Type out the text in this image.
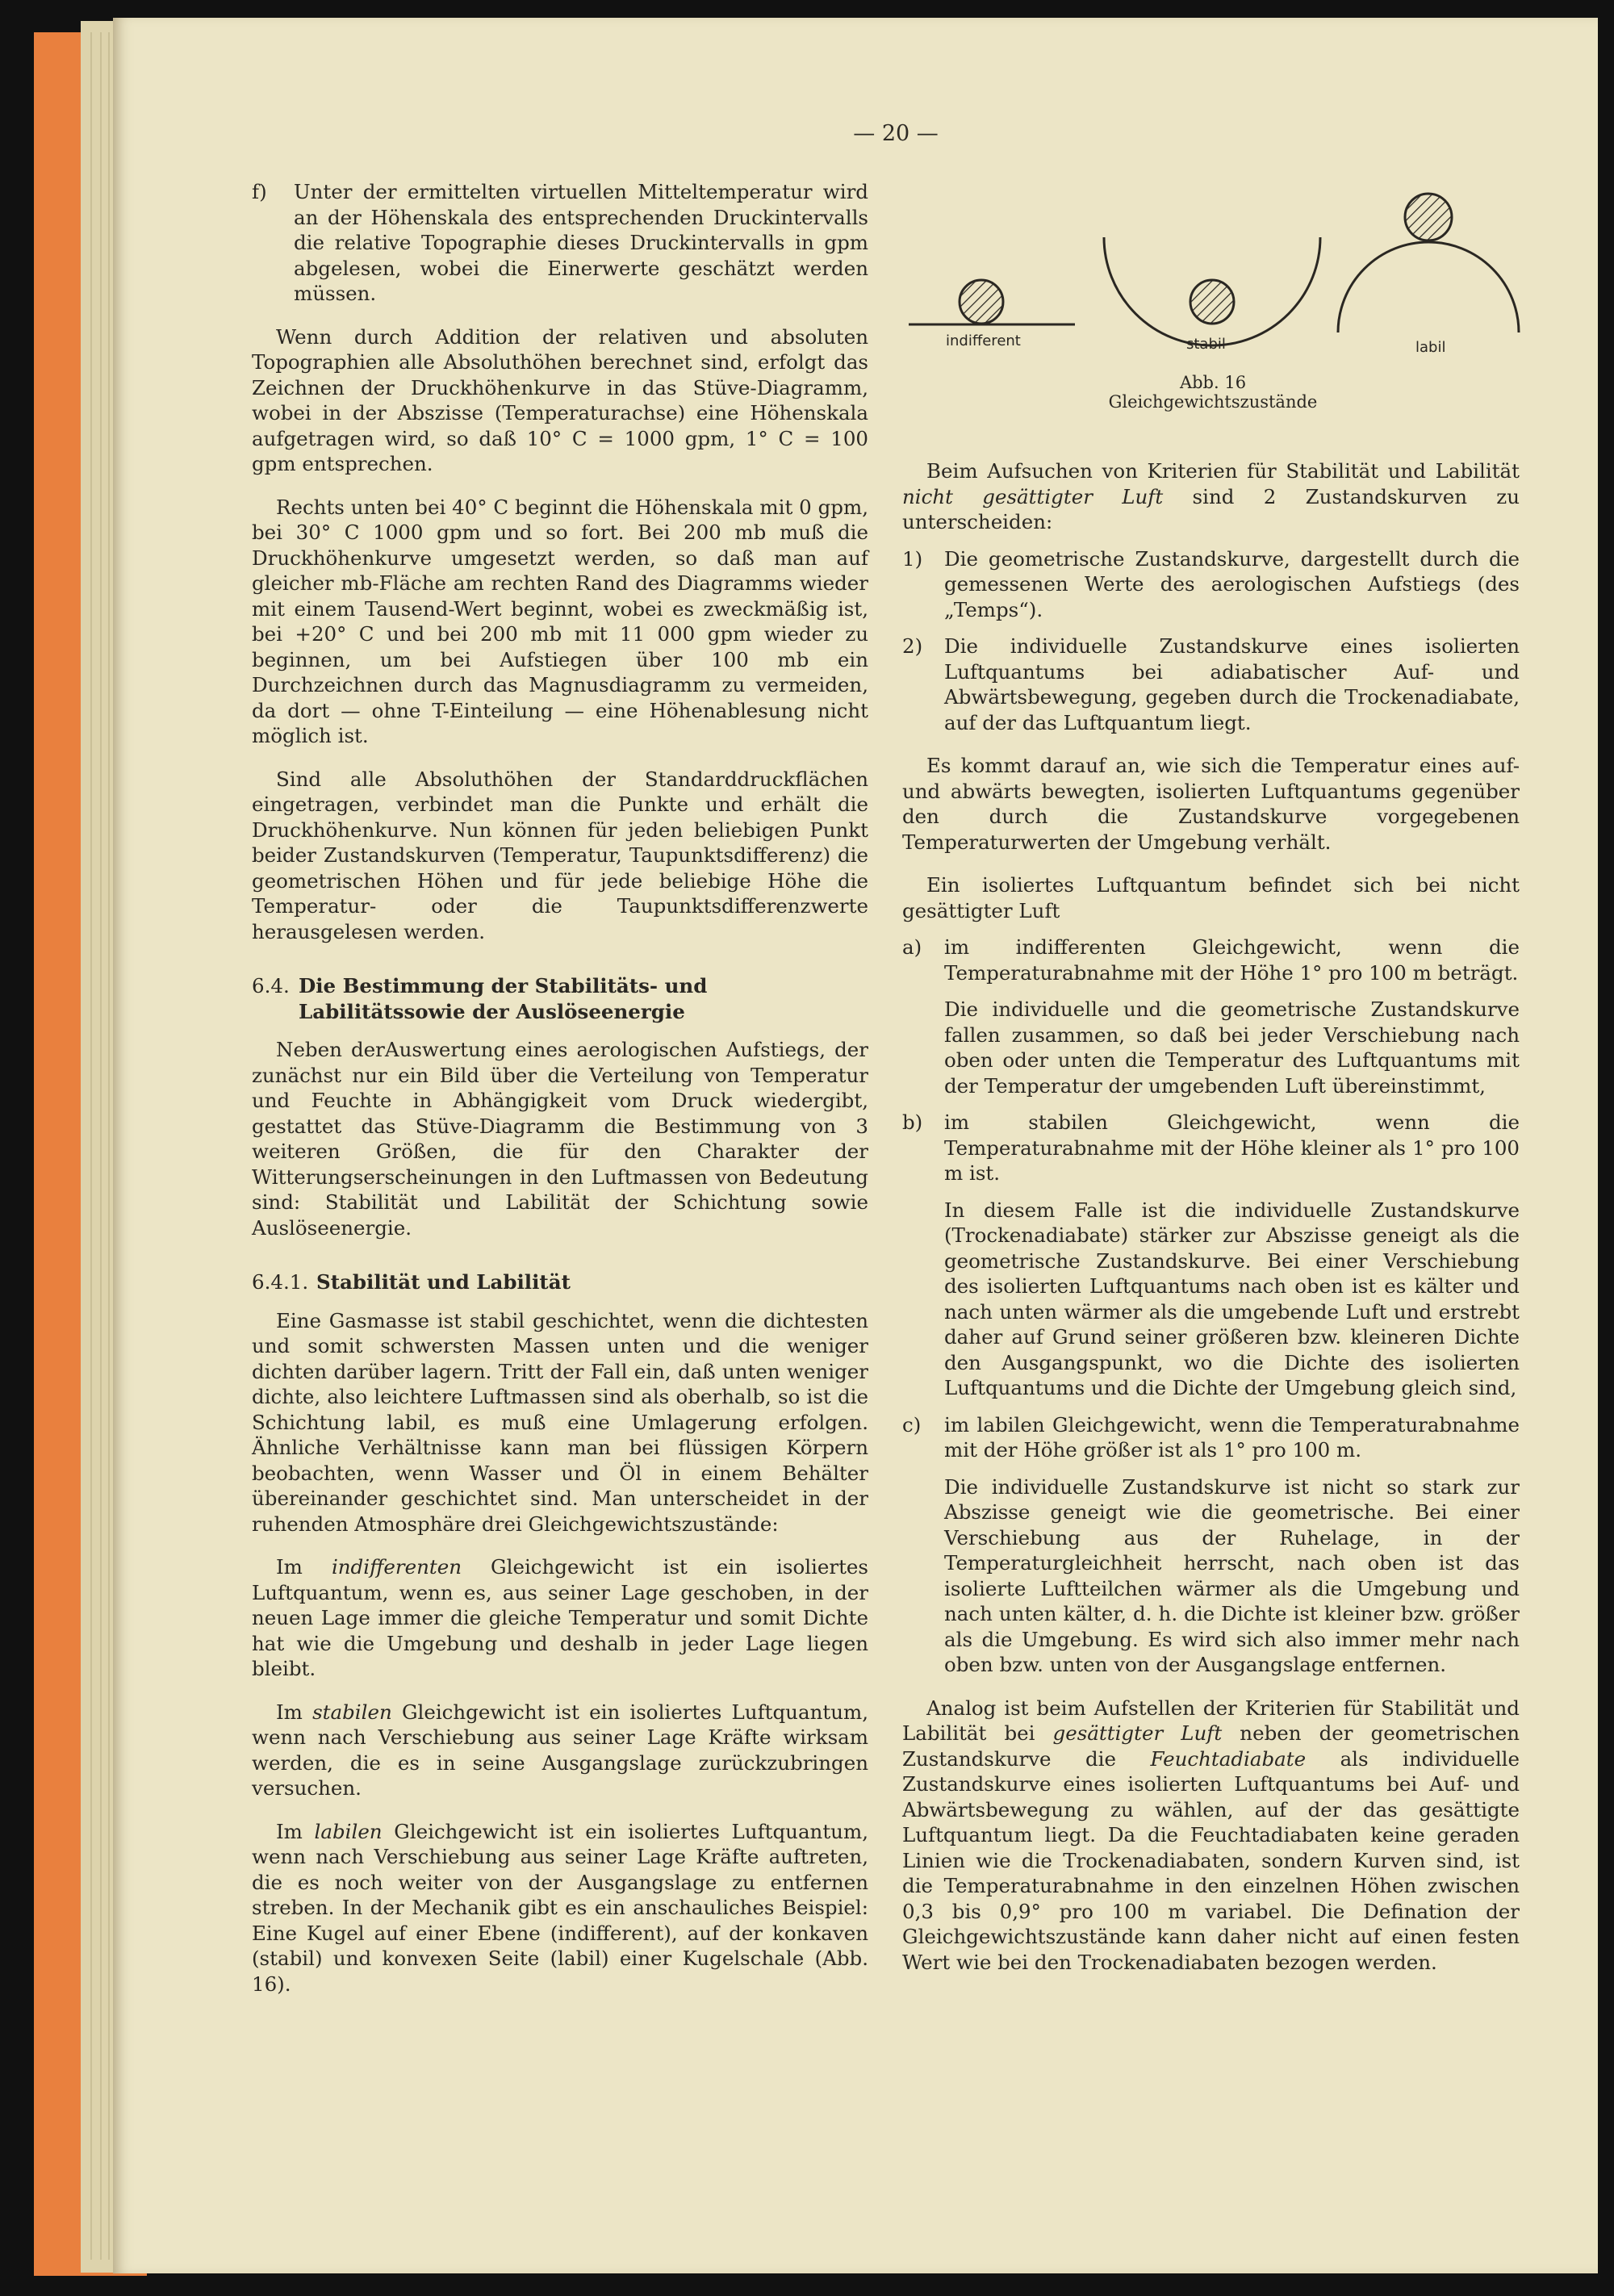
— 20 —
f) Unter der ermittelten virtuellen Mitteltemperatur wird an der Höhenskala des entsprechenden Druckintervalls die relative Topographie dieses Druckintervalls in gpm abgelesen, wobei die Einerwerte geschätzt werden müssen.

Wenn durch Addition der relativen und absoluten Topographien alle Absoluthöhen berechnet sind, erfolgt das Zeichnen der Druckhöhenkurve in das Stüve-Diagramm, wobei in der Abszisse (Temperaturachse) eine Höhenskala aufgetragen wird, so daß 10° C = 1000 gpm, 1° C = 100 gpm entsprechen.

Rechts unten bei 40° C beginnt die Höhenskala mit 0 gpm, bei 30° C 1000 gpm und so fort. Bei 200 mb muß die Druckhöhenkurve umgesetzt werden, so daß man auf gleicher mb-Fläche am rechten Rand des Diagramms wieder mit einem Tausend-Wert beginnt, wobei es zweckmäßig ist, bei +20° C und bei 200 mb mit 11 000 gpm wieder zu beginnen, um bei Aufstiegen über 100 mb ein Durchzeichnen durch das Magnusdiagramm zu vermeiden, da dort — ohne T-Einteilung — eine Höhenablesung nicht möglich ist.

Sind alle Absoluthöhen der Standarddruckflächen eingetragen, verbindet man die Punkte und erhält die Druckhöhenkurve. Nun können für jeden beliebigen Punkt beider Zustandskurven (Temperatur, Taupunktsdifferenz) die geometrischen Höhen und für jede beliebige Höhe die Temperatur- oder die Taupunktsdifferenzwerte herausgelesen werden.

6.4. Die Bestimmung der Stabilitäts- und Labilitätssowie der Auslöseenergie

Neben derAuswertung eines aerologischen Aufstiegs, der zunächst nur ein Bild über die Verteilung von Temperatur und Feuchte in Abhängigkeit vom Druck wiedergibt, gestattet das Stüve-Diagramm die Bestimmung von 3 weiteren Größen, die für den Charakter der Witterungserscheinungen in den Luftmassen von Bedeutung sind: Stabilität und Labilität der Schichtung sowie Auslöseenergie.

6.4.1. Stabilität und Labilität

Eine Gasmasse ist stabil geschichtet, wenn die dichtesten und somit schwersten Massen unten und die weniger dichten darüber lagern. Tritt der Fall ein, daß unten weniger dichte, also leichtere Luftmassen sind als oberhalb, so ist die Schichtung labil, es muß eine Umlagerung erfolgen. Ähnliche Verhältnisse kann man bei flüssigen Körpern beobachten, wenn Wasser und Öl in einem Behälter übereinander geschichtet sind. Man unterscheidet in der ruhenden Atmosphäre drei Gleichgewichtszustände:

Im indifferenten Gleichgewicht ist ein isoliertes Luftquantum, wenn es, aus seiner Lage geschoben, in der neuen Lage immer die gleiche Temperatur und somit Dichte hat wie die Umgebung und deshalb in jeder Lage liegen bleibt.

Im stabilen Gleichgewicht ist ein isoliertes Luftquantum, wenn nach Verschiebung aus seiner Lage Kräfte wirksam werden, die es in seine Ausgangslage zurückzubringen versuchen.

Im labilen Gleichgewicht ist ein isoliertes Luftquantum, wenn nach Verschiebung aus seiner Lage Kräfte auftreten, die es noch weiter von der Ausgangslage zu entfernen streben. In der Mechanik gibt es ein anschauliches Beispiel: Eine Kugel auf einer Ebene (indifferent), auf der konkaven (stabil) und konvexen Seite (labil) einer Kugelschale (Abb. 16).

indifferent	stabil	labil
Abb. 16
Gleichgewichtszustände

Beim Aufsuchen von Kriterien für Stabilität und Labilität nicht gesättigter Luft sind 2 Zustandskurven zu unterscheiden:

1) Die geometrische Zustandskurve, dargestellt durch die gemessenen Werte des aerologischen Aufstiegs (des „Temps“).

2) Die individuelle Zustandskurve eines isolierten Luftquantums bei adiabatischer Auf- und Abwärtsbewegung, gegeben durch die Trockenadiabate, auf der das Luftquantum liegt.

Es kommt darauf an, wie sich die Temperatur eines auf- und abwärts bewegten, isolierten Luftquantums gegenüber den durch die Zustandskurve vorgegebenen Temperaturwerten der Umgebung verhält.

Ein isoliertes Luftquantum befindet sich bei nicht gesättigter Luft

a) im indifferenten Gleichgewicht, wenn die Temperaturabnahme mit der Höhe 1° pro 100 m beträgt.

Die individuelle und die geometrische Zustandskurve fallen zusammen, so daß bei jeder Verschiebung nach oben oder unten die Temperatur des Luftquantums mit der Temperatur der umgebenden Luft übereinstimmt,

b) im stabilen Gleichgewicht, wenn die Temperaturabnahme mit der Höhe kleiner als 1° pro 100 m ist.

In diesem Falle ist die individuelle Zustandskurve (Trockenadiabate) stärker zur Abszisse geneigt als die geometrische Zustandskurve. Bei einer Verschiebung des isolierten Luftquantums nach oben ist es kälter und nach unten wärmer als die umgebende Luft und erstrebt daher auf Grund seiner größeren bzw. kleineren Dichte den Ausgangspunkt, wo die Dichte des isolierten Luftquantums und die Dichte der Umgebung gleich sind,

c) im labilen Gleichgewicht, wenn die Temperaturabnahme mit der Höhe größer ist als 1° pro 100 m.

Die individuelle Zustandskurve ist nicht so stark zur Abszisse geneigt wie die geometrische. Bei einer Verschiebung aus der Ruhelage, in der Temperaturgleichheit herrscht, nach oben ist das isolierte Luftteilchen wärmer als die Umgebung und nach unten kälter, d. h. die Dichte ist kleiner bzw. größer als die Umgebung. Es wird sich also immer mehr nach oben bzw. unten von der Ausgangslage entfernen.

Analog ist beim Aufstellen der Kriterien für Stabilität und Labilität bei gesättigter Luft neben der geometrischen Zustandskurve die Feuchtadiabate als individuelle Zustandskurve eines isolierten Luftquantums bei Auf- und Abwärtsbewegung zu wählen, auf der das gesättigte Luftquantum liegt. Da die Feuchtadiabaten keine geraden Linien wie die Trockenadiabaten, sondern Kurven sind, ist die Temperaturabnahme in den einzelnen Höhen zwischen 0,3 bis 0,9° pro 100 m variabel. Die Defination der Gleichgewichtszustände kann daher nicht auf einen festen Wert wie bei den Trockenadiabaten bezogen werden.
